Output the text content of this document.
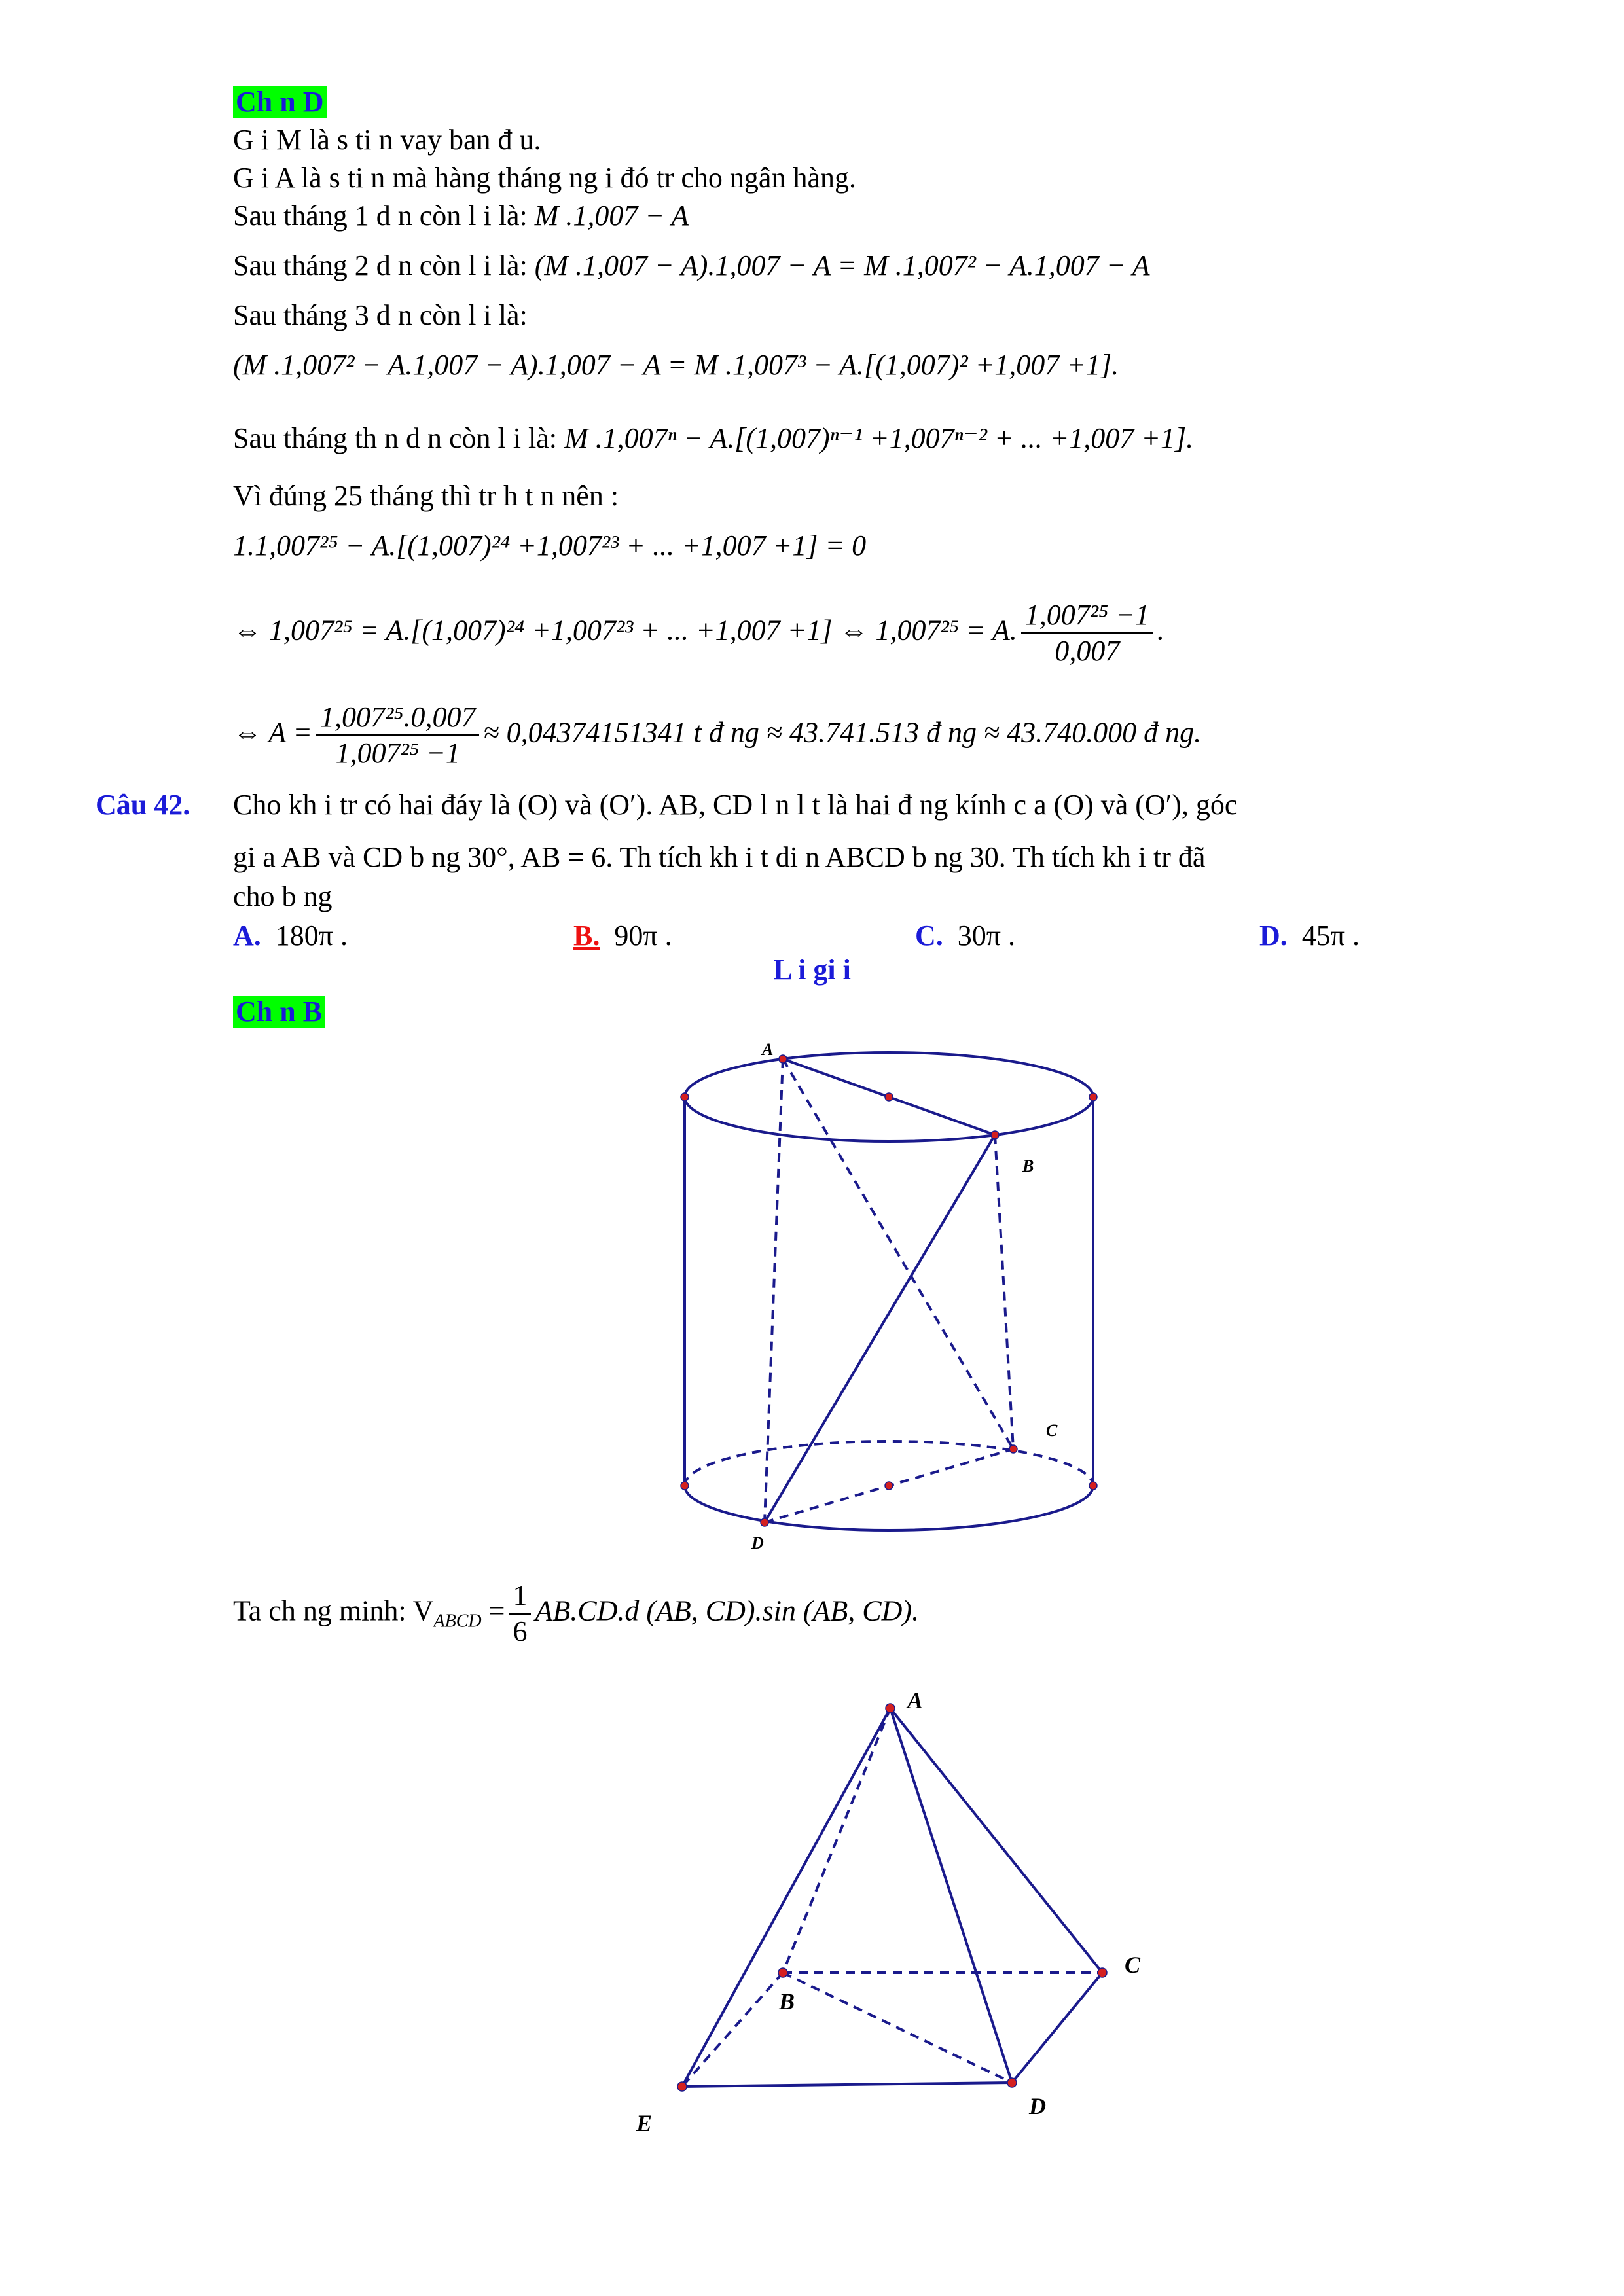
Ch n D
G i M là s ti n vay ban đ u.
G i A là s ti n mà hàng tháng ng i đó tr cho ngân hàng.
Sau tháng 1 d n còn l i là: M .1,007 − A
Sau tháng 2 d n còn l i là: (M .1,007 − A).1,007 − A = M .1,007² − A.1,007 − A
Sau tháng 3 d n còn l i là:
(M .1,007² − A.1,007 − A).1,007 − A = M .1,007³ − A.[(1,007)² +1,007 +1].
Sau tháng th n d n còn l i là: M .1,007ⁿ − A.[(1,007)ⁿ⁻¹ +1,007ⁿ⁻² + ... +1,007 +1].
Vì đúng 25 tháng thì tr h t n nên :
1.1,007²⁵ − A.[(1,007)²⁴ +1,007²³ + ... +1,007 +1] = 0
⇔ 1,007²⁵ = A.[(1,007)²⁴ +1,007²³ + ... +1,007 +1] ⇔ 1,007²⁵ = A. $\frac{\text{1,007²⁵ −1}}{0,007}$ .
⇔ $A = \frac{\text{1,007²⁵.0,007}}{\text{1,007²⁵ −1}} \approx 0,04374151341$ t đ ng ≈ 43.741.513 đ ng ≈ 43.740.000 đ ng.
Câu 42. Cho kh i tr có hai đáy là (O) và (O′). AB, CD l n l t là hai đ ng kính c a (O) và (O′), góc
gi a AB và CD b ng 30°, AB = 6. Th tích kh i t di n ABCD b ng 30. Th tích kh i tr đã
cho b ng
A. 180π .	B. 90π .	C. 30π .	D. 45π .
L i gi i
Ch n B
A
B
C
D
Ta ch ng minh: $V_{ABCD} = \frac{1}{6} AB.CD.d$ (AB, CD).sin (AB, CD).
A
B
C
D
E
